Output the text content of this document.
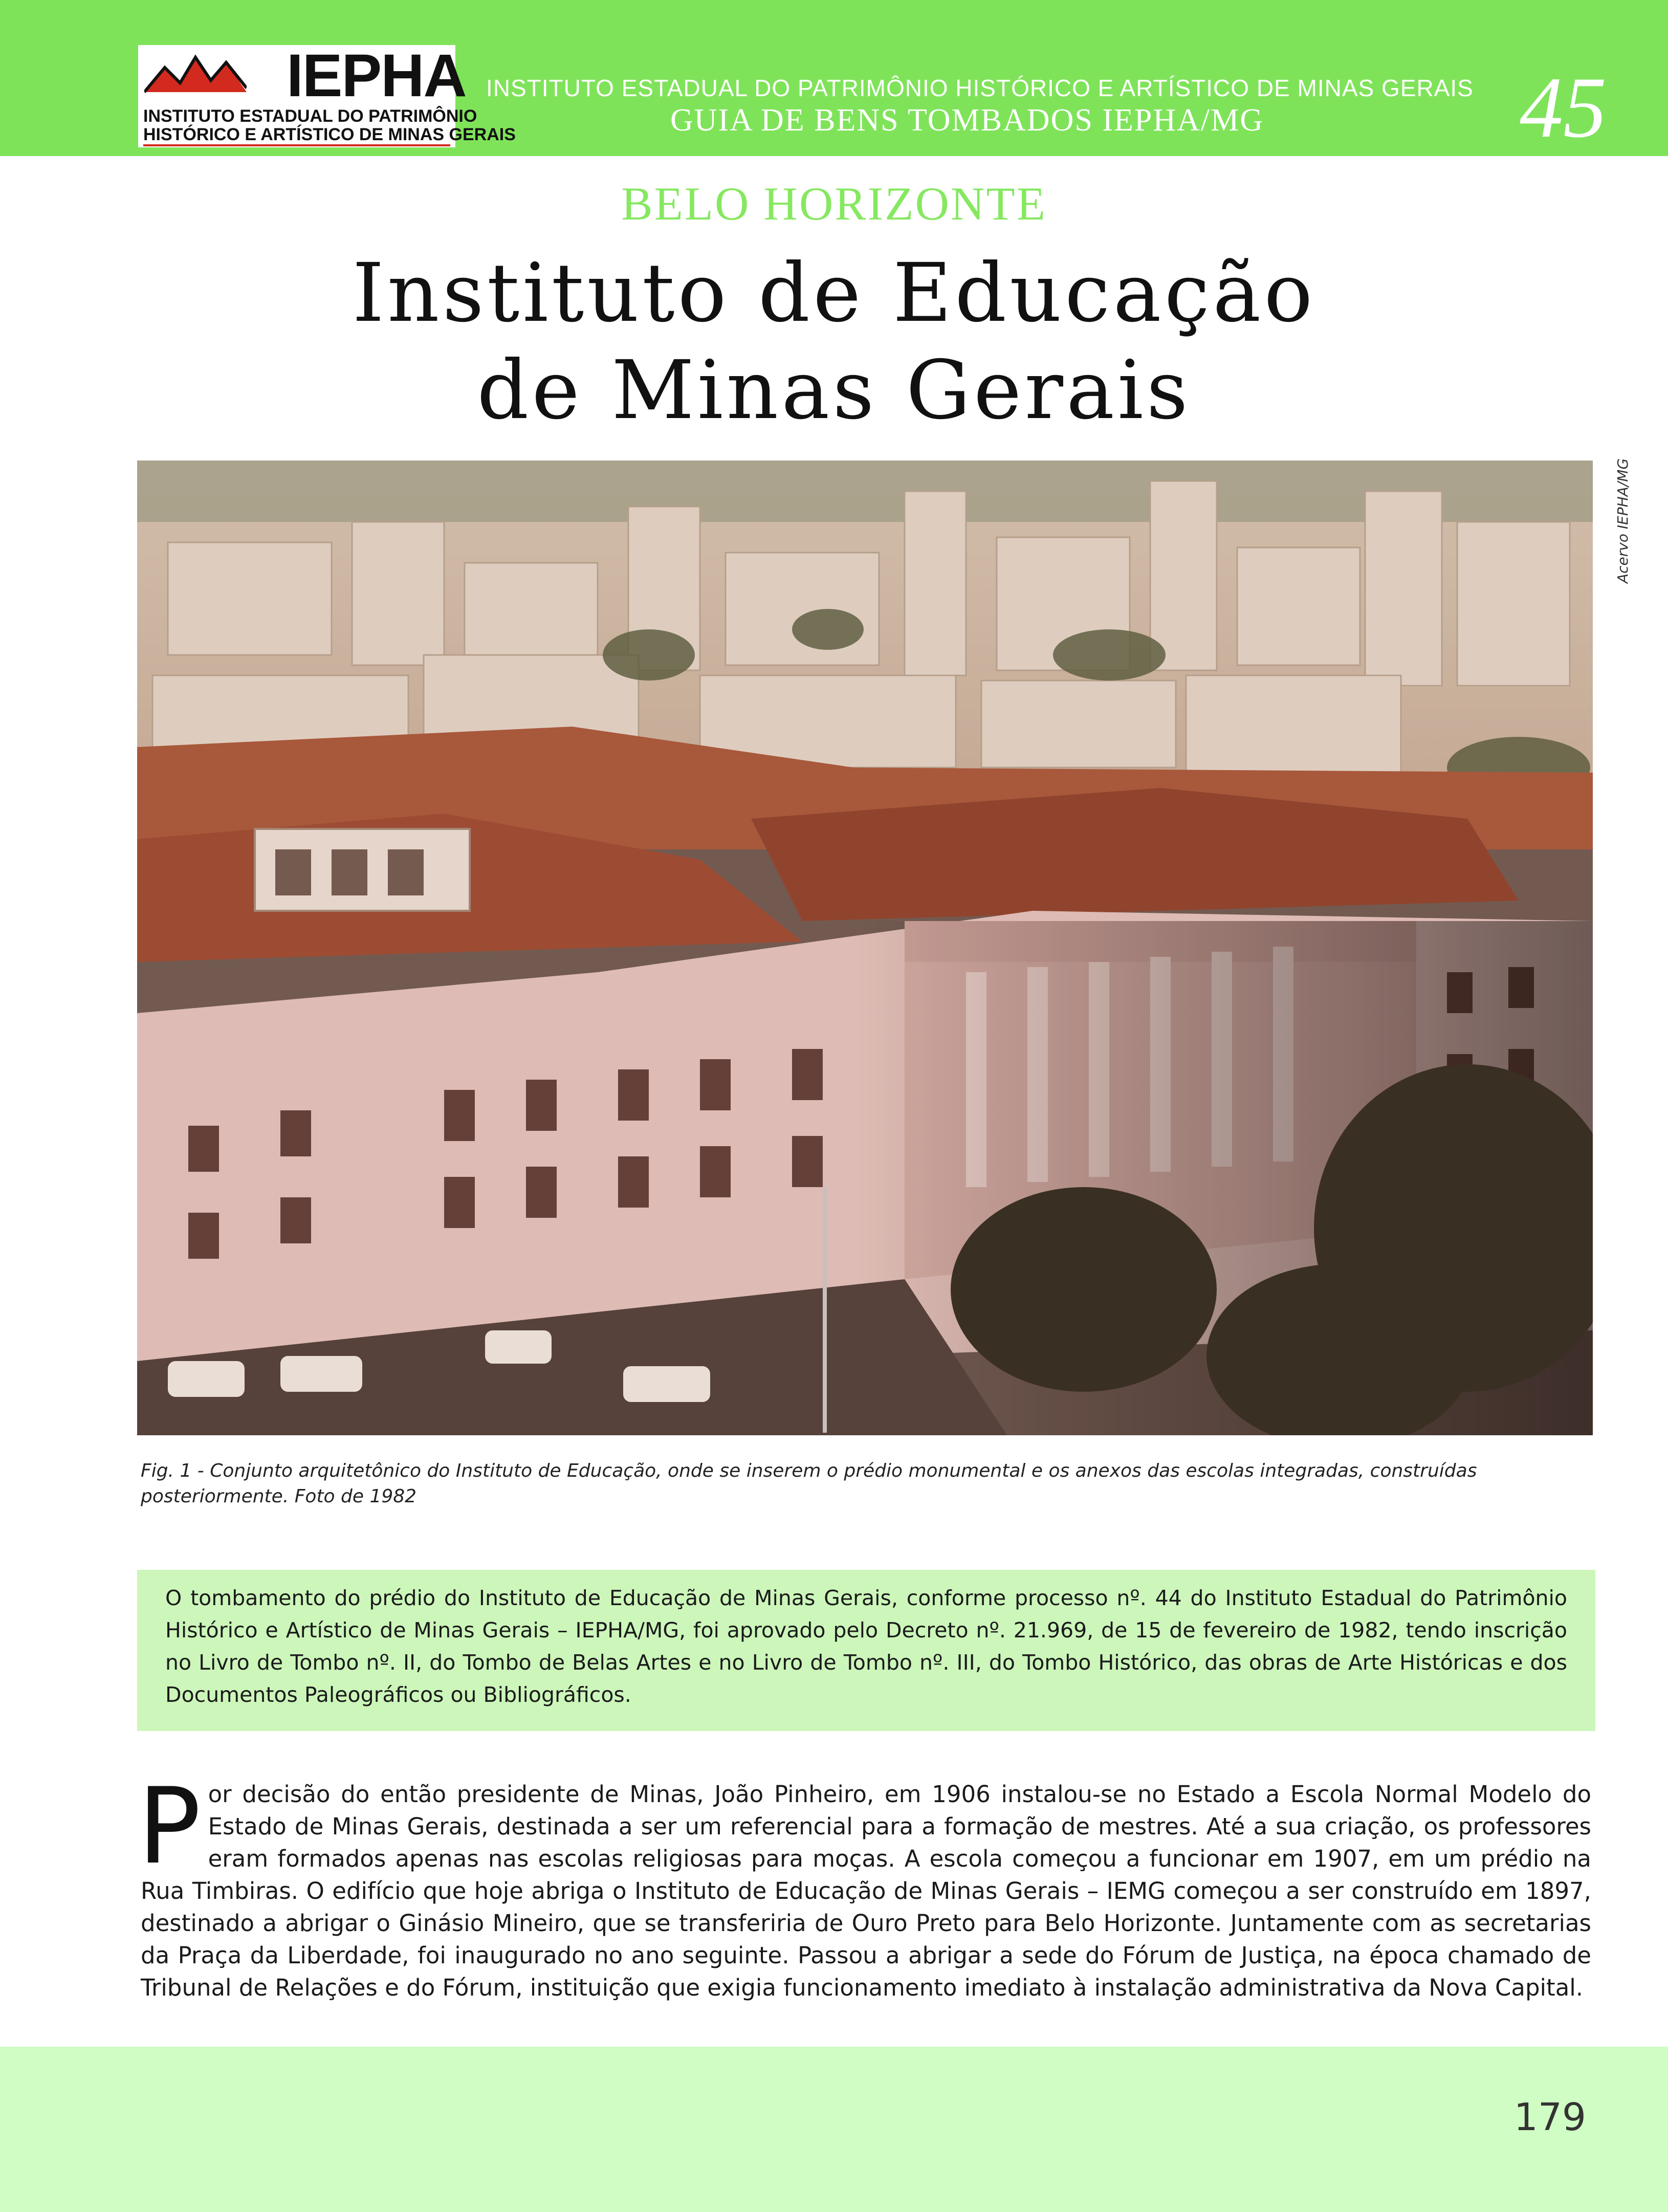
IEPHA
INSTITUTO ESTADUAL DO PATRIMÔNIO
HISTÓRICO E ARTÍSTICO DE MINAS GERAIS
INSTITUTO ESTADUAL DO PATRIMÔNIO HISTÓRICO E ARTÍSTICO DE MINAS GERAIS
GUIA DE BENS TOMBADOS IEPHA/MG	45
BELO HORIZONTE
Instituto de Educação
de Minas Gerais
Acervo IEPHA/MG
Fig. 1 - Conjunto arquitetônico do Instituto de Educação, onde se inserem o prédio monumental e os anexos das escolas integradas, construídas posteriormente. Foto de 1982
O tombamento do prédio do Instituto de Educação de Minas Gerais, conforme processo nº. 44 do Instituto Estadual do Patrimônio Histórico e Artístico de Minas Gerais – IEPHA/MG, foi aprovado pelo Decreto nº. 21.969, de 15 de fevereiro de 1982, tendo inscrição no Livro de Tombo nº. II, do Tombo de Belas Artes e no Livro de Tombo nº. III, do Tombo Histórico, das obras de Arte Históricas e dos Documentos Paleográficos ou Bibliográficos.
P or decisão do então presidente de Minas, João Pinheiro, em 1906 instalou-se no Estado a Escola Normal Modelo do Estado de Minas Gerais, destinada a ser um referencial para a formação de mestres. Até a sua criação, os professores eram formados apenas nas escolas religiosas para moças. A escola começou a funcionar em 1907, em um prédio na Rua Timbiras. O edifício que hoje abriga o Instituto de Educação de Minas Gerais – IEMG começou a ser construído em 1897, destinado a abrigar o Ginásio Mineiro, que se transferiria de Ouro Preto para Belo Horizonte. Juntamente com as secretarias da Praça da Liberdade, foi inaugurado no ano seguinte. Passou a abrigar a sede do Fórum de Justiça, na época chamado de Tribunal de Relações e do Fórum, instituição que exigia funcionamento imediato à instalação administrativa da Nova Capital.
179
